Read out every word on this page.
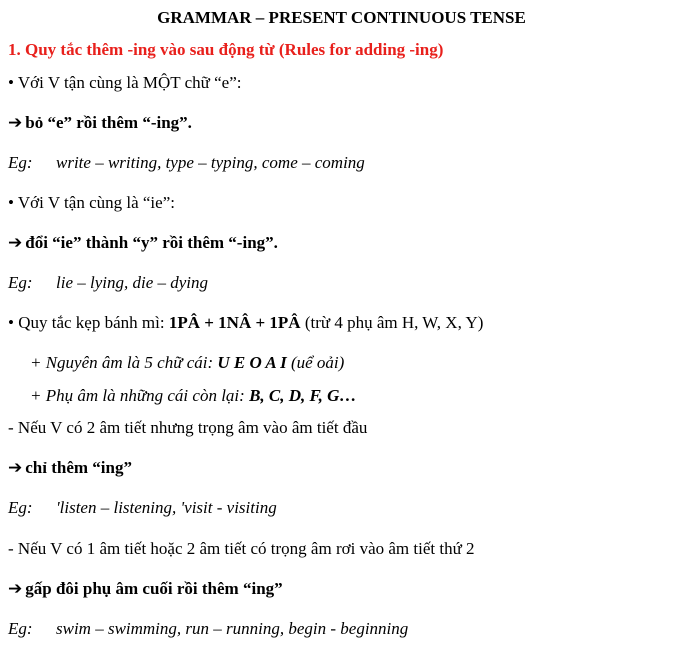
GRAMMAR – PRESENT CONTINUOUS TENSE
1. Quy tắc thêm -ing vào sau động từ (Rules for adding -ing)
• Với V tận cùng là MỘT chữ “e”:
➔ bỏ “e” rồi thêm “-ing”.
Eg: write – writing, type – typing, come – coming
• Với V tận cùng là “ie”:
➔ đổi “ie” thành “y” rồi thêm “-ing”.
Eg: lie – lying, die – dying
• Quy tắc kẹp bánh mì: 1PÂ + 1NÂ + 1PÂ (trừ 4 phụ âm H, W, X, Y)
+ Nguyên âm là 5 chữ cái: U E O A I (uể oải)
+ Phụ âm là những cái còn lại: B, C, D, F, G…
- Nếu V có 2 âm tiết nhưng trọng âm vào âm tiết đầu
➔ chỉ thêm “ing”
Eg: 'listen – listening, 'visit - visiting
- Nếu V có 1 âm tiết hoặc 2 âm tiết có trọng âm rơi vào âm tiết thứ 2
➔ gấp đôi phụ âm cuối rồi thêm “ing”
Eg: swim – swimming, run – running, begin - beginning
